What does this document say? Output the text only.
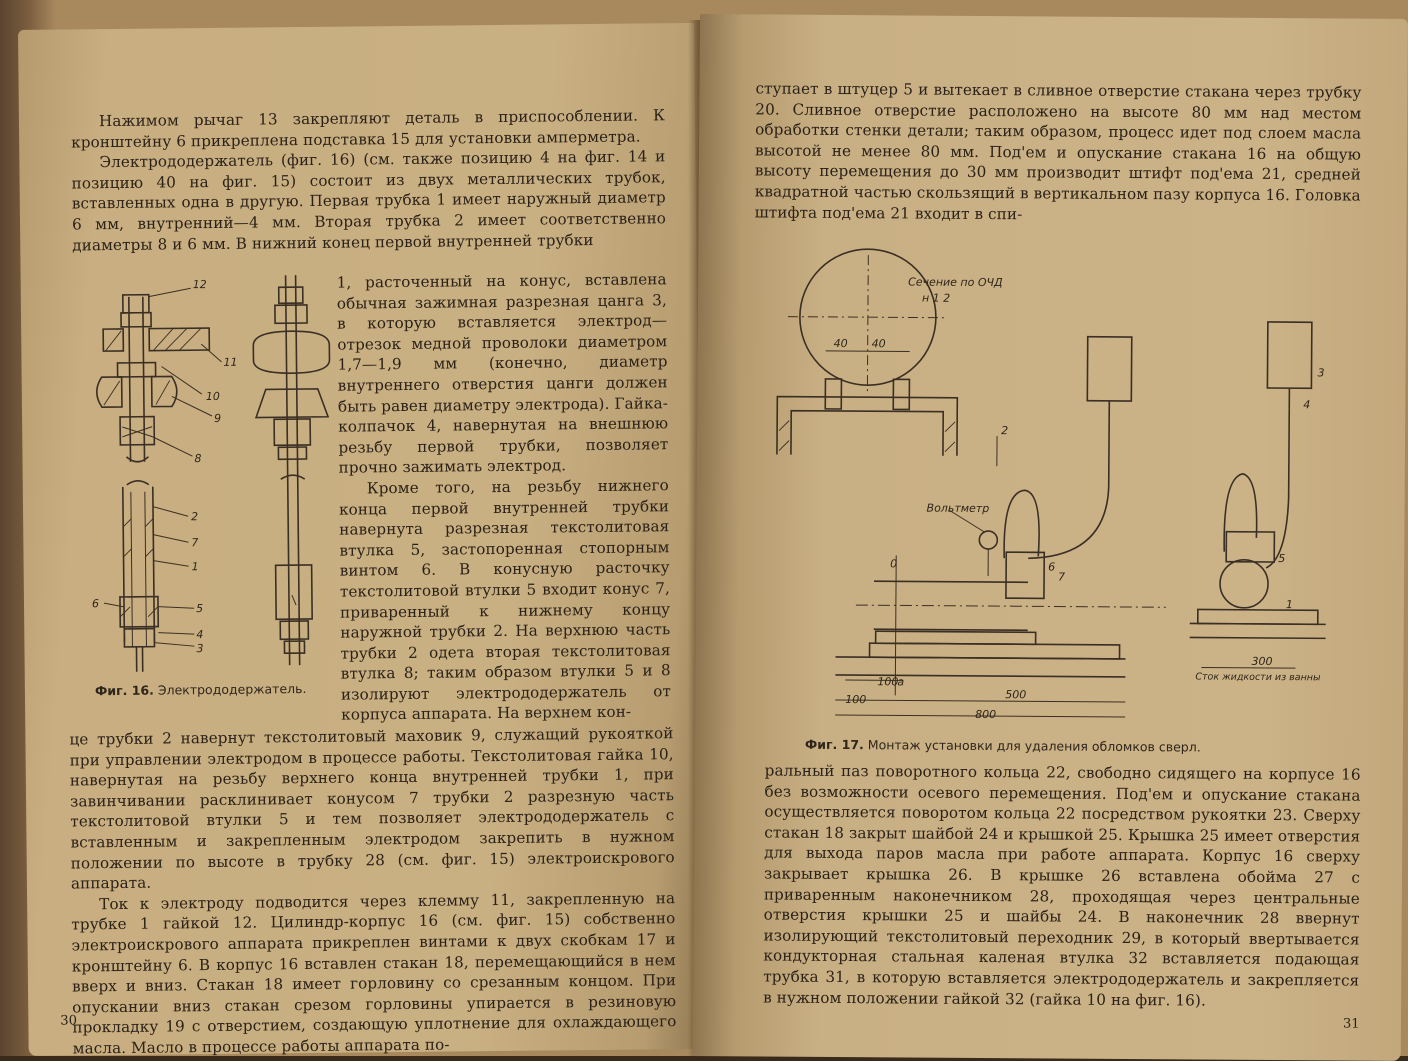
Нажимом рычаг 13 закрепляют деталь в приспособлении. К кронштейну 6 прикреплена подставка 15 для установки амперметра.

Электрододержатель (фиг. 16) (см. также позицию 4 на фиг. 14 и позицию 40 на фиг. 15) состоит из двух металлических трубок, вставленных одна в другую. Первая трубка 1 имеет наружный диаметр 6 мм, внутренний—4 мм. Вторая трубка 2 имеет соответственно диаметры 8 и 6 мм. В нижний конец первой внутренней трубки

12
11
10
9
8
2
7
1
6	5
4
3

1, расточенный на конус, вставлена обычная зажимная разрезная цанга 3, в которую вставляется электрод—отрезок медной проволоки диаметром 1,7—1,9 мм (конечно, диаметр внутреннего отверстия цанги должен быть равен диаметру электрода). Гайка-колпачок 4, навернутая на внешнюю резьбу первой трубки, позволяет прочно зажимать электрод.

Кроме того, на резьбу нижнего конца первой внутренней трубки навернута разрезная текстолитовая втулка 5, застопоренная стопорным винтом 6. В конусную расточку текстолитовой втулки 5 входит конус 7, приваренный к нижнему концу наружной трубки 2. На верхнюю часть трубки 2 одета вторая текстолитовая втулка 8; таким образом втулки 5 и 8 изолируют электрододержатель от корпуса аппарата. На верхнем кон-

Фиг. 16. Электрододержатель.

це трубки 2 навернут текстолитовый маховик 9, служащий рукояткой при управлении электродом в процессе работы. Текстолитовая гайка 10, навернутая на резьбу верхнего конца внутренней трубки 1, при завинчивании расклинивает конусом 7 трубки 2 разрезную часть текстолитовой втулки 5 и тем позволяет электрододержатель с вставленным и закрепленным электродом закрепить в нужном положении по высоте в трубку 28 (см. фиг. 15) электроискрового аппарата.

Ток к электроду подводится через клемму 11, закрепленную на трубке 1 гайкой 12. Цилиндр-корпус 16 (см. фиг. 15) собственно электроискрового аппарата прикреплен винтами к двух скобкам 17 и кронштейну 6. В корпус 16 вставлен стакан 18, перемещающийся в нем вверх и вниз. Стакан 18 имеет горловину со срезанным концом. При опускании вниз стакан срезом горловины упирается в резиновую прокладку 19 с отверстием, создающую уплотнение для охлаждающего масла. Масло в процессе работы аппарата по-

30

ступает в штуцер 5 и вытекает в сливное отверстие стакана через трубку 20. Сливное отверстие расположено на высоте 80 мм над местом обработки стенки детали; таким образом, процесс идет под слоем масла высотой не менее 80 мм. Под'ем и опускание стакана 16 на общую высоту перемещения до 30 мм производит штифт под'ема 21, средней квадратной частью скользящий в вертикальном пазу корпуса 16. Головка штифта под'ема 21 входит в спи-

40 40
Сечение по ОЧД
н 1 2
2
3
4
Вольтметр
6
7
0
100
а
100	500
800
5
1
300
Сток жидкости из ванны
Фиг. 17. Монтаж установки для удаления обломков сверл.

ральный паз поворотного кольца 22, свободно сидящего на корпусе 16 без возможности осевого перемещения. Под'ем и опускание стакана осуществляется поворотом кольца 22 посредством рукоятки 23. Сверху стакан 18 закрыт шайбой 24 и крышкой 25. Крышка 25 имеет отверстия для выхода паров масла при работе аппарата. Корпус 16 сверху закрывает крышка 26. В крышке 26 вставлена обойма 27 с приваренным наконечником 28, проходящая через центральные отверстия крышки 25 и шайбы 24. В наконечник 28 ввернут изолирующий текстолитовый переходник 29, в который ввертывается кондукторная стальная каленая втулка 32 вставляется подающая трубка 31, в которую вставляется электрододержатель и закрепляется в нужном положении гайкой 32 (гайка 10 на фиг. 16).

31
